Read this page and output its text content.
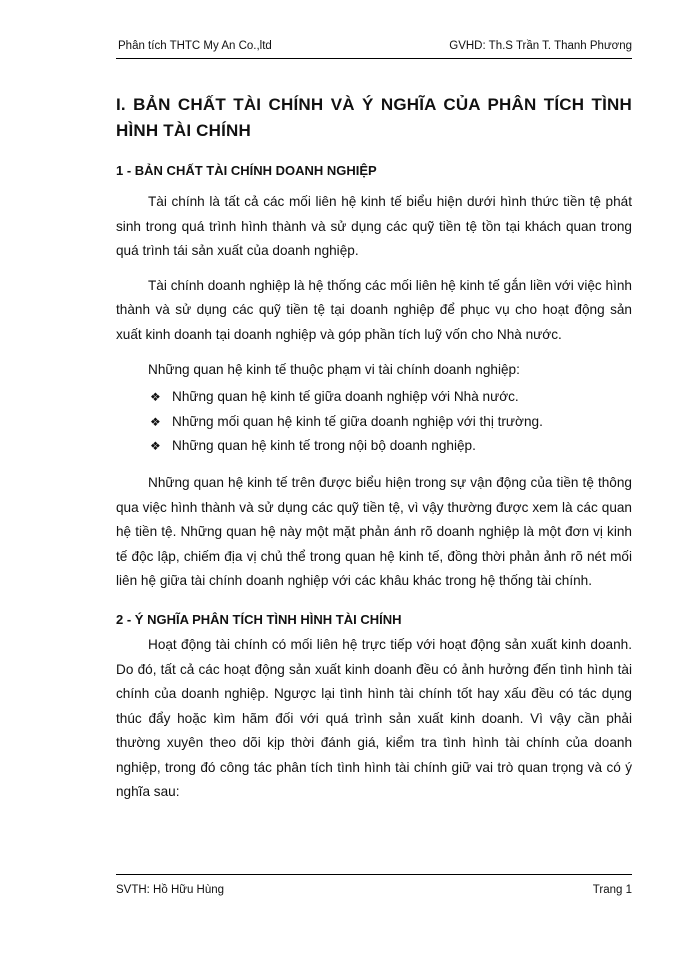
Phân tích THTC My An Co.,ltd	GVHD: Th.S Trần T. Thanh Phương
I. BẢN CHẤT TÀI CHÍNH VÀ Ý NGHĨA CỦA PHÂN TÍCH TÌNH HÌNH TÀI CHÍNH
1 - BẢN CHẤT TÀI CHÍNH DOANH NGHIỆP

Tài chính là tất cả các mối liên hệ kinh tế biểu hiện dưới hình thức tiền tệ phát sinh trong quá trình hình thành và sử dụng các quỹ tiền tệ tồn tại khách quan trong quá trình tái sản xuất của doanh nghiệp.

Tài chính doanh nghiệp là hệ thống các mối liên hệ kinh tế gắn liền với việc hình thành và sử dụng các quỹ tiền tệ tại doanh nghiệp để phục vụ cho hoạt động sản xuất kinh doanh tại doanh nghiệp và góp phần tích luỹ vốn cho Nhà nước.

Những quan hệ kinh tế thuộc phạm vi tài chính doanh nghiệp:

❖ Những quan hệ kinh tế giữa doanh nghiệp với Nhà nước.
❖ Những mối quan hệ kinh tế giữa doanh nghiệp với thị trường.
❖ Những quan hệ kinh tế trong nội bộ doanh nghiệp.

Những quan hệ kinh tế trên được biểu hiện trong sự vận động của tiền tệ thông qua việc hình thành và sử dụng các quỹ tiền tệ, vì vậy thường được xem là các quan hệ tiền tệ. Những quan hệ này một mặt phản ánh rõ doanh nghiệp là một đơn vị kinh tế độc lập, chiếm địa vị chủ thể trong quan hệ kinh tế, đồng thời phản ảnh rõ nét mối liên hệ giữa tài chính doanh nghiệp với các khâu khác trong hệ thống tài chính.

2 - Ý NGHĨA PHÂN TÍCH TÌNH HÌNH TÀI CHÍNH

Hoạt động tài chính có mối liên hệ trực tiếp với hoạt động sản xuất kinh doanh. Do đó, tất cả các hoạt động sản xuất kinh doanh đều có ảnh hưởng đến tình hình tài chính của doanh nghiệp. Ngược lại tình hình tài chính tốt hay xấu đều có tác dụng thúc đẩy hoặc kìm hãm đối với quá trình sản xuất kinh doanh. Vì vậy cần phải thường xuyên theo dõi kịp thời đánh giá, kiểm tra tình hình tài chính của doanh nghiệp, trong đó công tác phân tích tình hình tài chính giữ vai trò quan trọng và có ý nghĩa sau:

SVTH: Hồ Hữu Hùng	Trang 1
